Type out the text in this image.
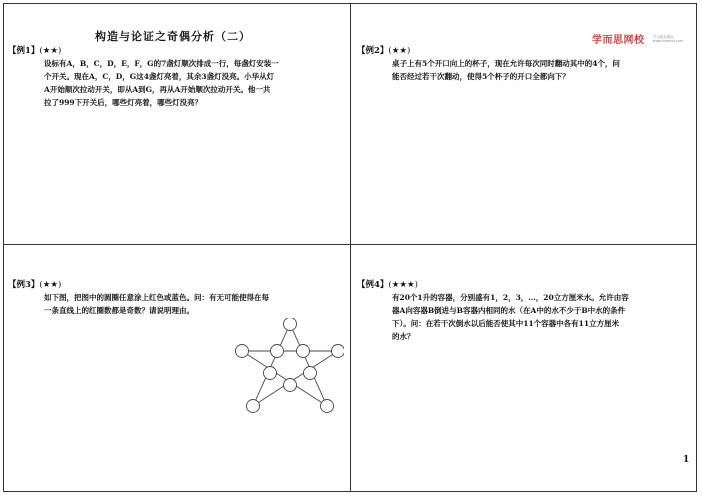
构造与论证之奇偶分析（二）	学而思网校 学习改变命运
www.xueersi.com
【例1】(★★)
设标有A，B，C，D，E，F，G的7盏灯顺次排成一行，每盏灯安装一
个开关。现在A，C，D，G这4盏灯亮着，其余3盏灯没亮。小华从灯
A开始顺次拉动开关，即从A到G，再从A开始顺次拉动开关。他一共
拉了999下开关后，哪些灯亮着，哪些灯没亮？
【例2】(★★)
桌子上有5个开口向上的杯子，现在允许每次同时翻动其中的4个，问
能否经过若干次翻动，使得5个杯子的开口全都向下？
【例3】(★★)
如下图，把图中的圆圈任意涂上红色或蓝色。问：有无可能使得在每
一条直线上的红圈数都是奇数？请说明理由。
【例4】(★★★)
有20个1升的容器，分别盛有1，2，3，…，20立方厘米水。允许由容
器A向容器B倒进与B容器内相同的水（在A中的水不少于B中水的条件
下）。问：在若干次倒水以后能否使其中11个容器中各有11立方厘米
的水？
1
